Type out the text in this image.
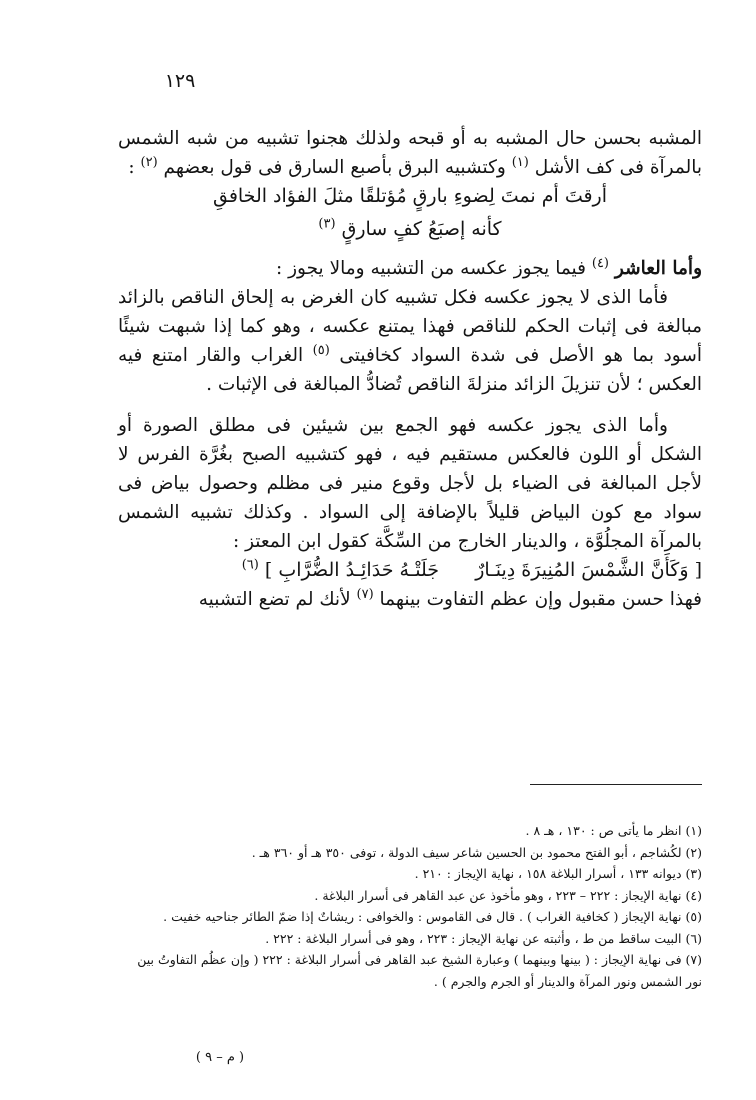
١٢٩

المشبه بحسن حال المشبه به أو قبحه ولذلك هجنوا تشبيه من شبه الشمس بالمرآة فى كف الأشل $^{(١)}$ وكتشبيه البرق بأصبع السارق فى قول بعضهم $^{(٢)}$ :

أرقتَ أم نمتَ لِضوءِ بارقٍ مُؤتلقًا مثلَ الفؤاد الخافقِ

كأنه إصبَعُ كفٍ سارقٍ $^{(٣)}$

وأما العاشر $^{(٤)}$ فيما يجوز عكسه من التشبيه ومالا يجوز :

فأما الذى لا يجوز عكسه فكل تشبيه كان الغرض به إلحاق الناقص بالزائد مبالغة فى إثبات الحكم للناقص فهذا يمتنع عكسه ، وهو كما إذا شبهت شيئًا أسود بما هو الأصل فى شدة السواد كخافيتى $^{(٥)}$ الغراب والقار امتنع فيه العكس ؛ لأن تنزيلَ الزائد منزلةَ الناقص تُضادُّ المبالغة فى الإثبات .

وأما الذى يجوز عكسه فهو الجمع بين شيئين فى مطلق الصورة أو الشكل أو اللون فالعكس مستقيم فيه ، فهو كتشبيه الصبح بغُرَّة الفرس لا لأجل المبالغة فى الضياء بل لأجل وقوع منير فى مظلم وحصول بياض فى سواد مع كون البياض قليلاً بالإضافة إلى السواد . وكذلك تشبيه الشمس بالمرآة المجلُوَّة ، والدينار الخارج من السِّكَّة كقول ابن المعتز :

[ وَكَأَنَّ الشَّمْسَ المُنِيرَةَ دِينَـارٌ      جَلَتْـهُ حَدَائِـدُ الضُّرَّابِ ] $^{(٦)}$

فهذا حسن مقبول وإن عظم التفاوت بينهما $^{(٧)}$ لأنك لم تضع التشبيه

(١) انظر ما يأتى ص : ١٣٠ ، هـ ٨ .

(٢) لكُشاجم ، أبو الفتح محمود بن الحسين شاعر سيف الدولة ، توفى ٣٥٠ هـ أو ٣٦٠ هـ .

(٣) ديوانه ١٣٣ ، أسرار البلاغة ١٥٨ ، نهاية الإيجاز : ٢١٠ .

(٤) نهاية الإيجاز : ٢٢٢ – ٢٢٣ ، وهو مأخوذ عن عبد القاهر فى أسرار البلاغة .

(٥) نهاية الإيجاز ( كخافية الغراب ) . قال فى القاموس : والخوافى : ريشاتٌ إذا ضمّ الطائر جناحيه خفيت .

(٦) البيت ساقط من ط ، وأثبته عن نهاية الإيجاز : ٢٢٣ ، وهو فى أسرار البلاغة : ٢٢٢ .

(٧) فى نهاية الإيجاز : ( بينها وبينهما ) وعبارة الشيخ عبد القاهر فى أسرار البلاغة : ٢٢٢ ( وإن عظُم التفاوتُ بين نور الشمس ونور المرآة والدينار أو الجرم والجرم ) .

( م – ٩ )
